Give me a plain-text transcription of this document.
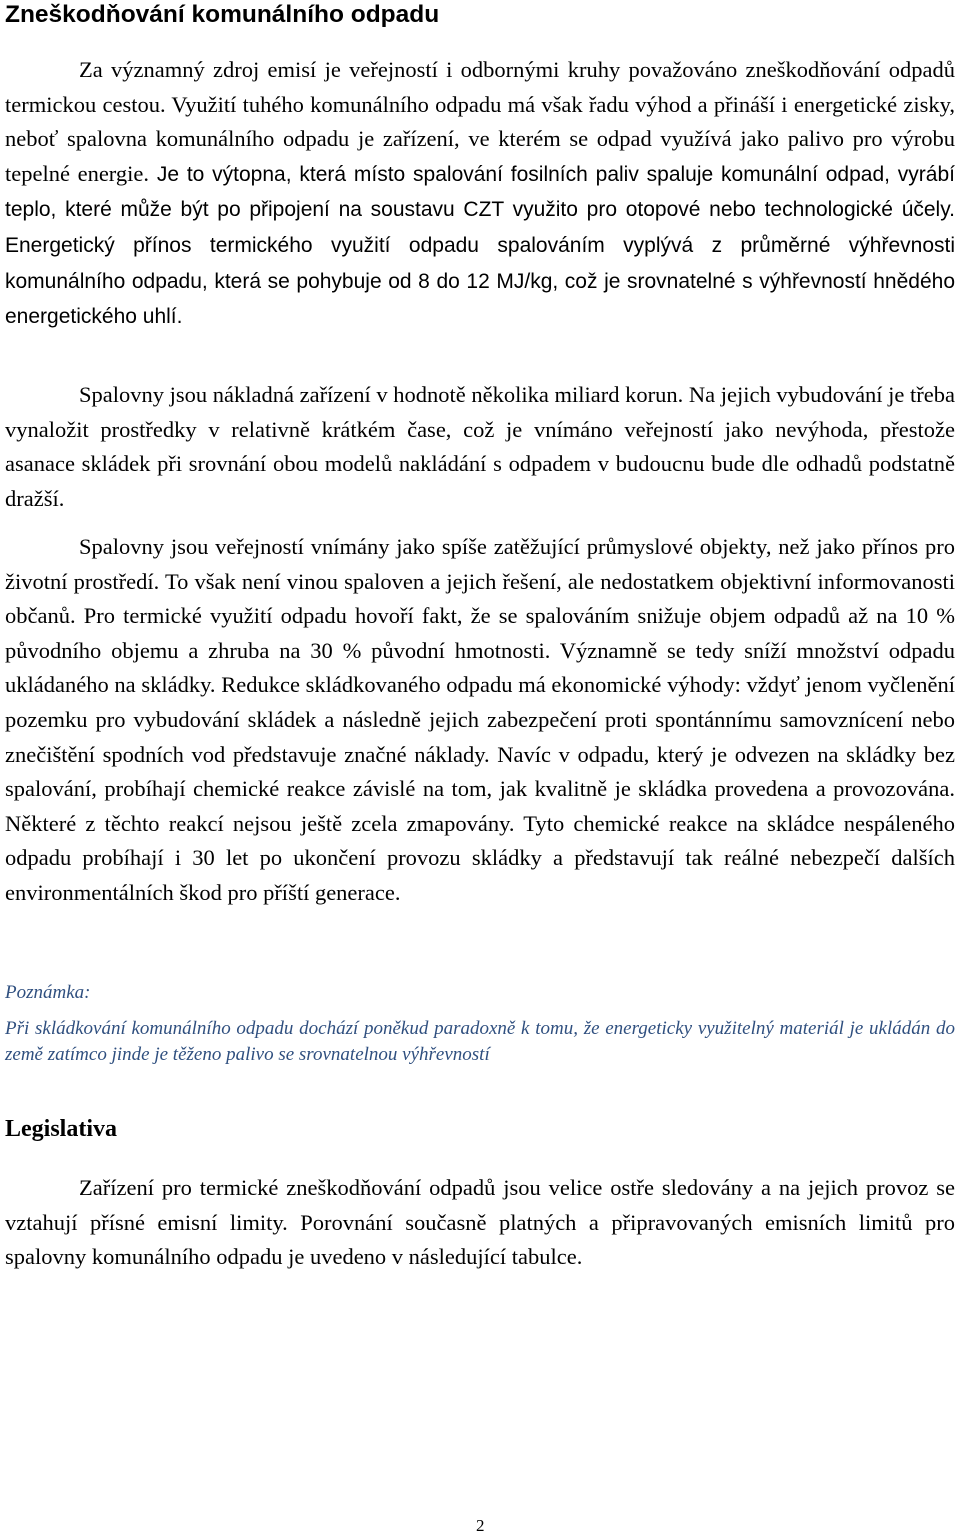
Zneškodňování komunálního odpadu

Za významný zdroj emisí je veřejností i odbornými kruhy považováno zneškodňování odpadů termickou cestou. Využití tuhého komunálního odpadu má však řadu výhod a přináší i energetické zisky, neboť spalovna komunálního odpadu je zařízení, ve kterém se odpad využívá jako palivo pro výrobu tepelné energie. Je to výtopna, která místo spalování fosilních paliv spaluje komunální odpad, vyrábí teplo, které může být po připojení na soustavu CZT využito pro otopové nebo technologické účely. Energetický přínos termického využití odpadu spalováním vyplývá z průměrné výhřevnosti komunálního odpadu, která se pohybuje od 8 do 12 MJ/kg, což je srovnatelné s výhřevností hnědého energetického uhlí.

Spalovny jsou nákladná zařízení v hodnotě několika miliard korun. Na jejich vybudování je třeba vynaložit prostředky v relativně krátkém čase, což je vnímáno veřejností jako nevýhoda, přestože asanace skládek při srovnání obou modelů nakládání s odpadem v budoucnu bude dle odhadů podstatně dražší.

Spalovny jsou veřejností vnímány jako spíše zatěžující průmyslové objekty, než jako přínos pro životní prostředí. To však není vinou spaloven a jejich řešení, ale nedostatkem objektivní informovanosti občanů. Pro termické využití odpadu hovoří fakt, že se spalováním snižuje objem odpadů až na 10 % původního objemu a zhruba na 30 % původní hmotnosti. Významně se tedy sníží množství odpadu ukládaného na skládky. Redukce skládkovaného odpadu má ekonomické výhody: vždyť jenom vyčlenění pozemku pro vybudování skládek a následně jejich zabezpečení proti spontánnímu samovznícení nebo znečištění spodních vod představuje značné náklady. Navíc v odpadu, který je odvezen na skládky bez spalování, probíhají chemické reakce závislé na tom, jak kvalitně je skládka provedena a provozována. Některé z těchto reakcí nejsou ještě zcela zmapovány. Tyto chemické reakce na skládce nespáleného odpadu probíhají i 30 let po ukončení provozu skládky a představují tak reálné nebezpečí dalších environmentálních škod pro příští generace.

Poznámka:

Při skládkování komunálního odpadu dochází poněkud paradoxně k tomu, že energeticky využitelný materiál je ukládán do země zatímco jinde je těženo palivo se srovnatelnou výhřevností

Legislativa

Zařízení pro termické zneškodňování odpadů jsou velice ostře sledovány a na jejich provoz se vztahují přísné emisní limity. Porovnání současně platných a připravovaných emisních limitů pro spalovny komunálního odpadu je uvedeno v následující tabulce.

2
